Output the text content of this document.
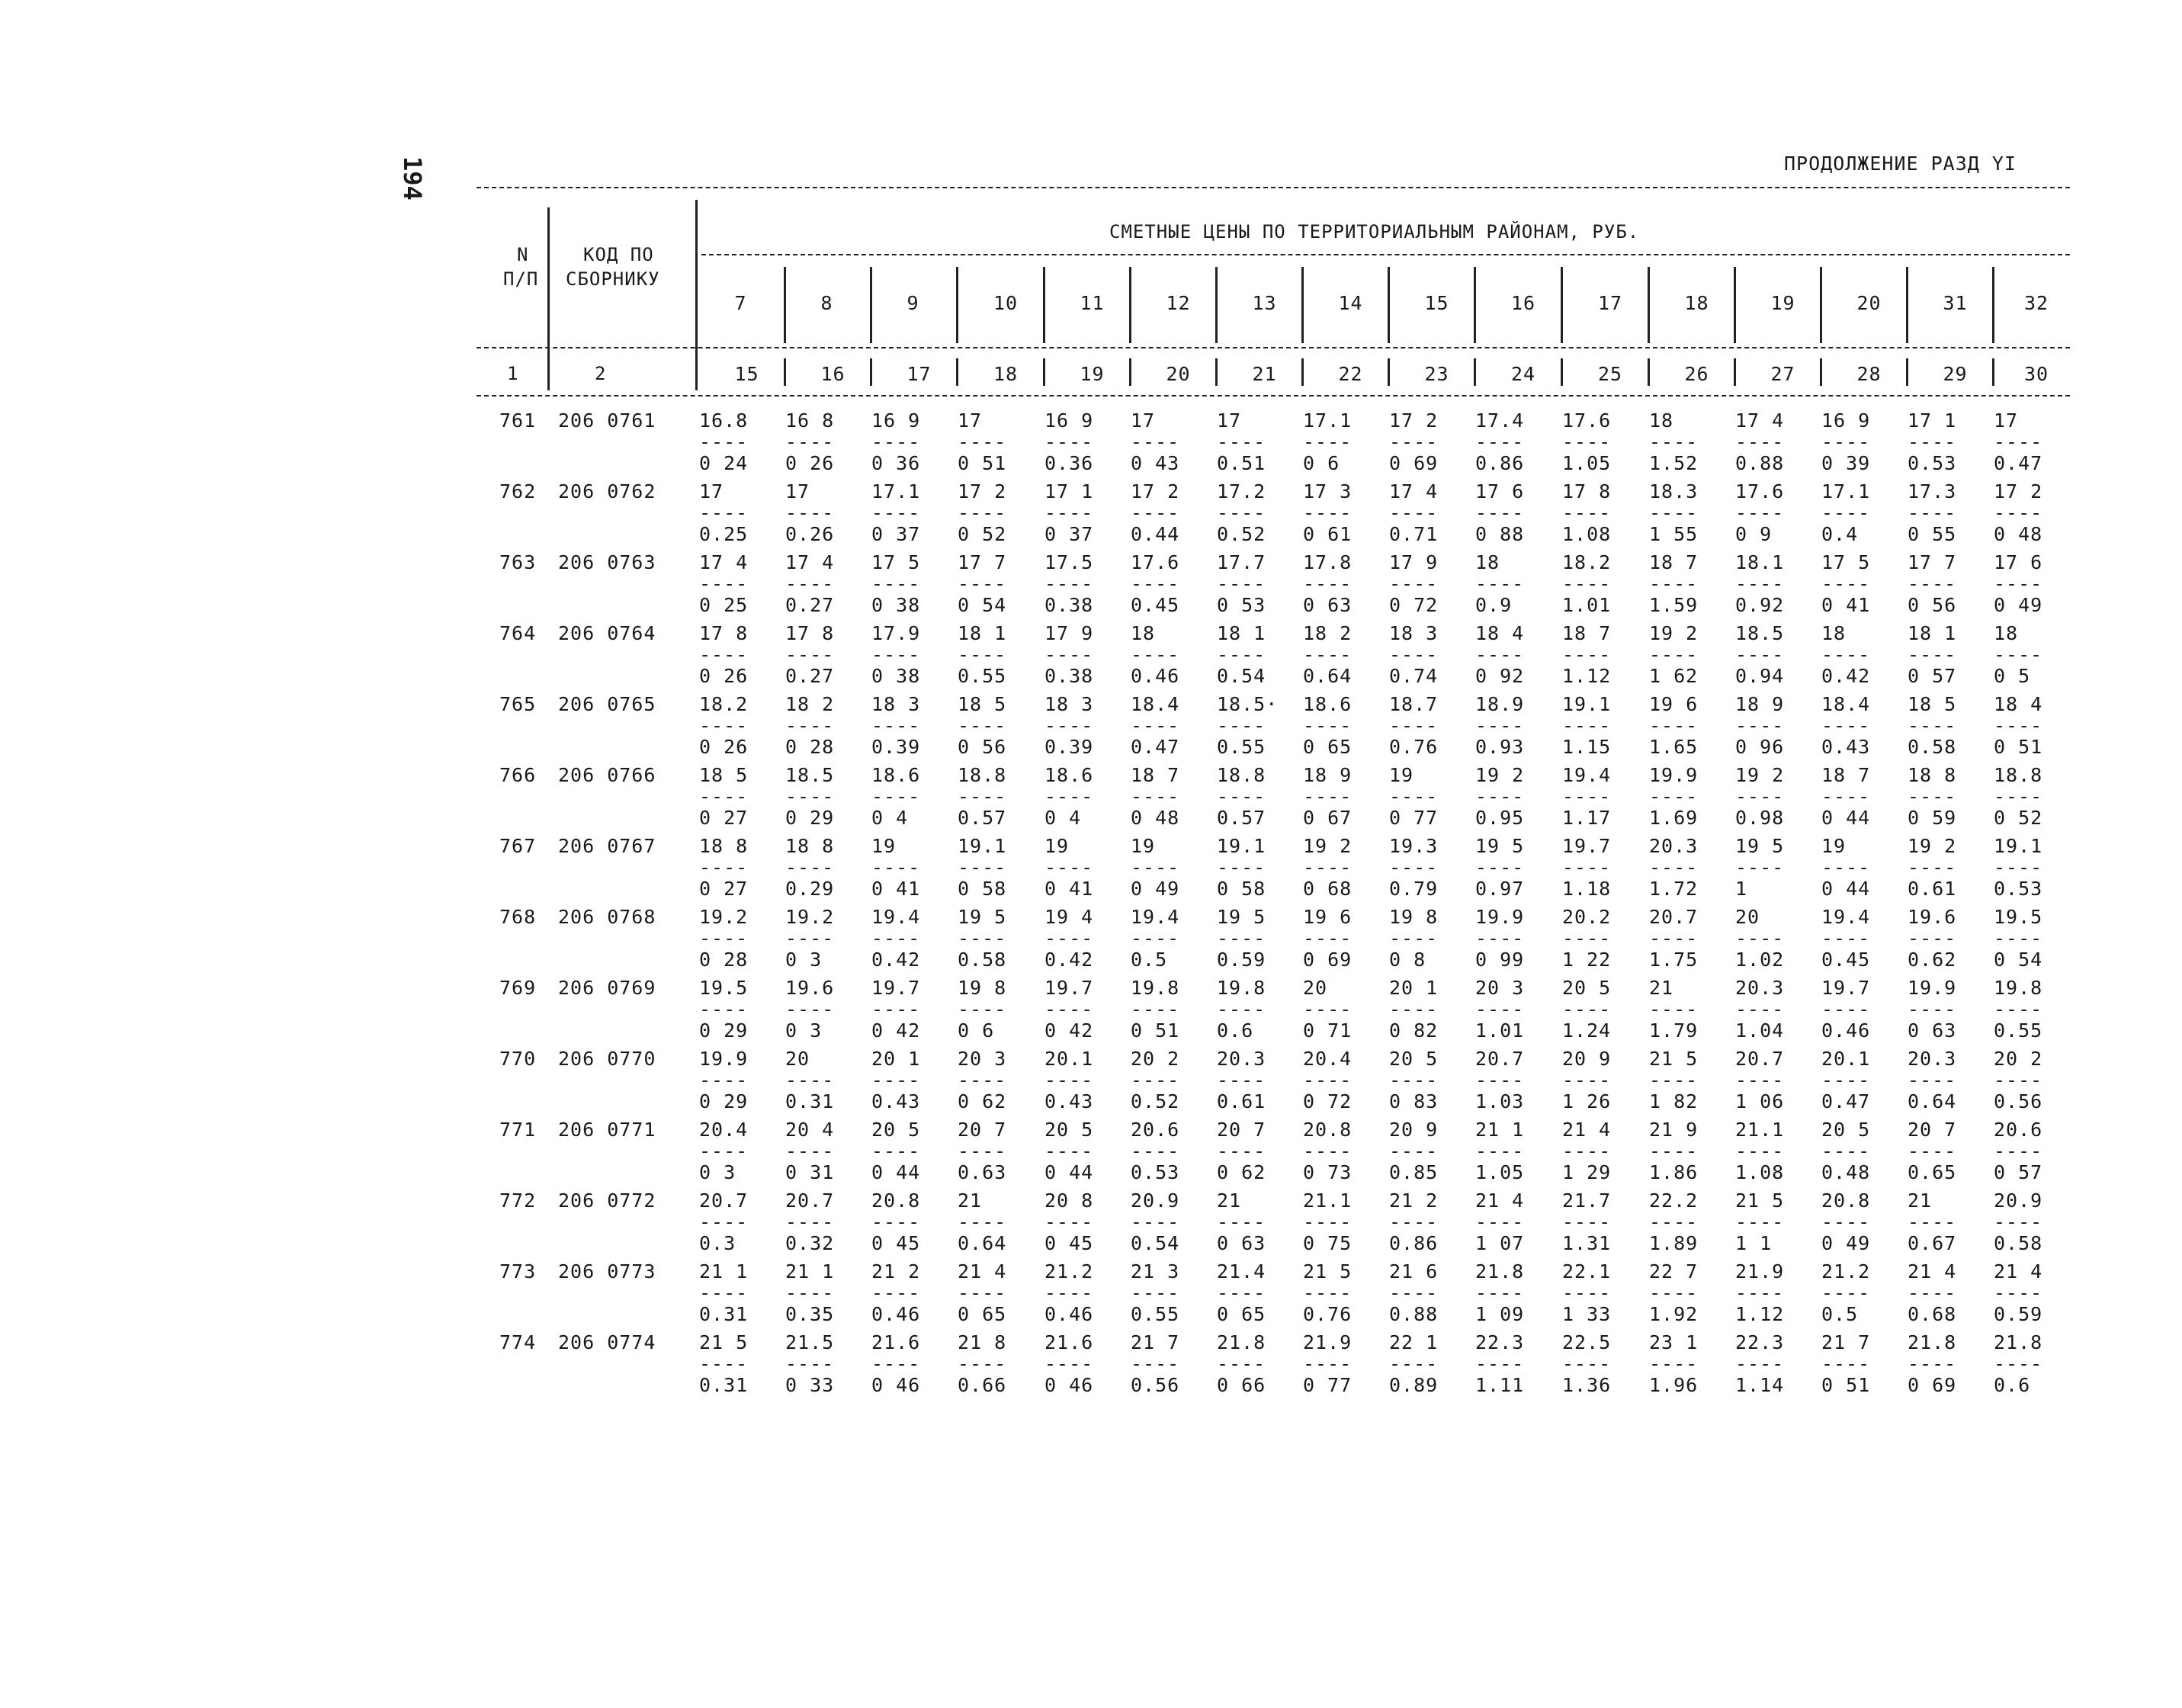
194	ПРОДОЛЖЕНИЕ РАЗД YI
N
П/П
КОД ПО
СБОРНИКУ
СМЕТНЫЕ ЦЕНЫ ПО ТЕРРИТОРИАЛЬНЫМ РАЙОНАМ, РУБ.
7
15
8
16
9
17
10
18
11
19
12
20
13
21
14
22
15
23
16
24
17
25
18
26
19
27
20
28
31
29
32
30
1	2
761 206 0761 16.8
----
0 24
16 8
----
0 26
16 9
----
0 36
17
----
0 51
16 9
----
0.36
17
----
0 43
17
----
0.51
17.1
----
0 6
17 2
----
0 69
17.4
----
0.86
17.6
----
1.05
18
----
1.52
17 4
----
0.88
16 9
----
0 39
17 1
----
0.53
17
----
0.47
762 206 0762 17
----
0.25
17
----
0.26
17.1
----
0 37
17 2
----
0 52
17 1
----
0 37
17 2
----
0.44
17.2
----
0.52
17 3
----
0 61
17 4
----
0.71
17 6
----
0 88
17 8
----
1.08
18.3
----
1 55
17.6
----
0 9
17.1
----
0.4
17.3
----
0 55
17 2
----
0 48
763 206 0763 17 4
----
0 25
17 4
----
0.27
17 5
----
0 38
17 7
----
0 54
17.5
----
0.38
17.6
----
0.45
17.7
----
0 53
17.8
----
0 63
17 9
----
0 72
18
----
0.9
18.2
----
1.01
18 7
----
1.59
18.1
----
0.92
17 5
----
0 41
17 7
----
0 56
17 6
----
0 49
764 206 0764 17 8
----
0 26
17 8
----
0.27
17.9
----
0 38
18 1
----
0.55
17 9
----
0.38
18
----
0.46
18 1
----
0.54
18 2
----
0.64
18 3
----
0.74
18 4
----
0 92
18 7
----
1.12
19 2
----
1 62
18.5
----
0.94
18
----
0.42
18 1
----
0 57
18
----
0 5
765 206 0765 18.2
----
0 26
18 2
----
0 28
18 3
----
0.39
18 5
----
0 56
18 3
----
0.39
18.4
----
0.47
18.5·
----
0.55
18.6
----
0 65
18.7
----
0.76
18.9
----
0.93
19.1
----
1.15
19 6
----
1.65
18 9
----
0 96
18.4
----
0.43
18 5
----
0.58
18 4
----
0 51
766 206 0766 18 5
----
0 27
18.5
----
0 29
18.6
----
0 4
18.8
----
0.57
18.6
----
0 4
18 7
----
0 48
18.8
----
0.57
18 9
----
0 67
19
----
0 77
19 2
----
0.95
19.4
----
1.17
19.9
----
1.69
19 2
----
0.98
18 7
----
0 44
18 8
----
0 59
18.8
----
0 52
767 206 0767 18 8
----
0 27
18 8
----
0.29
19
----
0 41
19.1
----
0 58
19
----
0 41
19
----
0 49
19.1
----
0 58
19 2
----
0 68
19.3
----
0.79
19 5
----
0.97
19.7
----
1.18
20.3
----
1.72
19 5
----
1
19
----
0 44
19 2
----
0.61
19.1
----
0.53
768 206 0768 19.2
----
0 28
19.2
----
0 3
19.4
----
0.42
19 5
----
0.58
19 4
----
0.42
19.4
----
0.5
19 5
----
0.59
19 6
----
0 69
19 8
----
0 8
19.9
----
0 99
20.2
----
1 22
20.7
----
1.75
20
----
1.02
19.4
----
0.45
19.6
----
0.62
19.5
----
0 54
769 206 0769 19.5
----
0 29
19.6
----
0 3
19.7
----
0 42
19 8
----
0 6
19.7
----
0 42
19.8
----
0 51
19.8
----
0.6
20
----
0 71
20 1
----
0 82
20 3
----
1.01
20 5
----
1.24
21
----
1.79
20.3
----
1.04
19.7
----
0.46
19.9
----
0 63
19.8
----
0.55
770 206 0770 19.9
----
0 29
20
----
0.31
20 1
----
0.43
20 3
----
0 62
20.1
----
0.43
20 2
----
0.52
20.3
----
0.61
20.4
----
0 72
20 5
----
0 83
20.7
----
1.03
20 9
----
1 26
21 5
----
1 82
20.7
----
1 06
20.1
----
0.47
20.3
----
0.64
20 2
----
0.56
771 206 0771 20.4
----
0 3
20 4
----
0 31
20 5
----
0 44
20 7
----
0.63
20 5
----
0 44
20.6
----
0.53
20 7
----
0 62
20.8
----
0 73
20 9
----
0.85
21 1
----
1.05
21 4
----
1 29
21 9
----
1.86
21.1
----
1.08
20 5
----
0.48
20 7
----
0.65
20.6
----
0 57
772 206 0772 20.7
----
0.3
20.7
----
0.32
20.8
----
0 45
21
----
0.64
20 8
----
0 45
20.9
----
0.54
21
----
0 63
21.1
----
0 75
21 2
----
0.86
21 4
----
1 07
21.7
----
1.31
22.2
----
1.89
21 5
----
1 1
20.8
----
0 49
21
----
0.67
20.9
----
0.58
773 206 0773 21 1
----
0.31
21 1
----
0.35
21 2
----
0.46
21 4
----
0 65
21.2
----
0.46
21 3
----
0.55
21.4
----
0 65
21 5
----
0.76
21 6
----
0.88
21.8
----
1 09
22.1
----
1 33
22 7
----
1.92
21.9
----
1.12
21.2
----
0.5
21 4
----
0.68
21 4
----
0.59
774 206 0774 21 5
----
0.31
21.5
----
0 33
21.6
----
0 46
21 8
----
0.66
21.6
----
0 46
21 7
----
0.56
21.8
----
0 66
21.9
----
0 77
22 1
----
0.89
22.3
----
1.11
22.5
----
1.36
23 1
----
1.96
22.3
----
1.14
21 7
----
0 51
21.8
----
0 69
21.8
----
0.6
